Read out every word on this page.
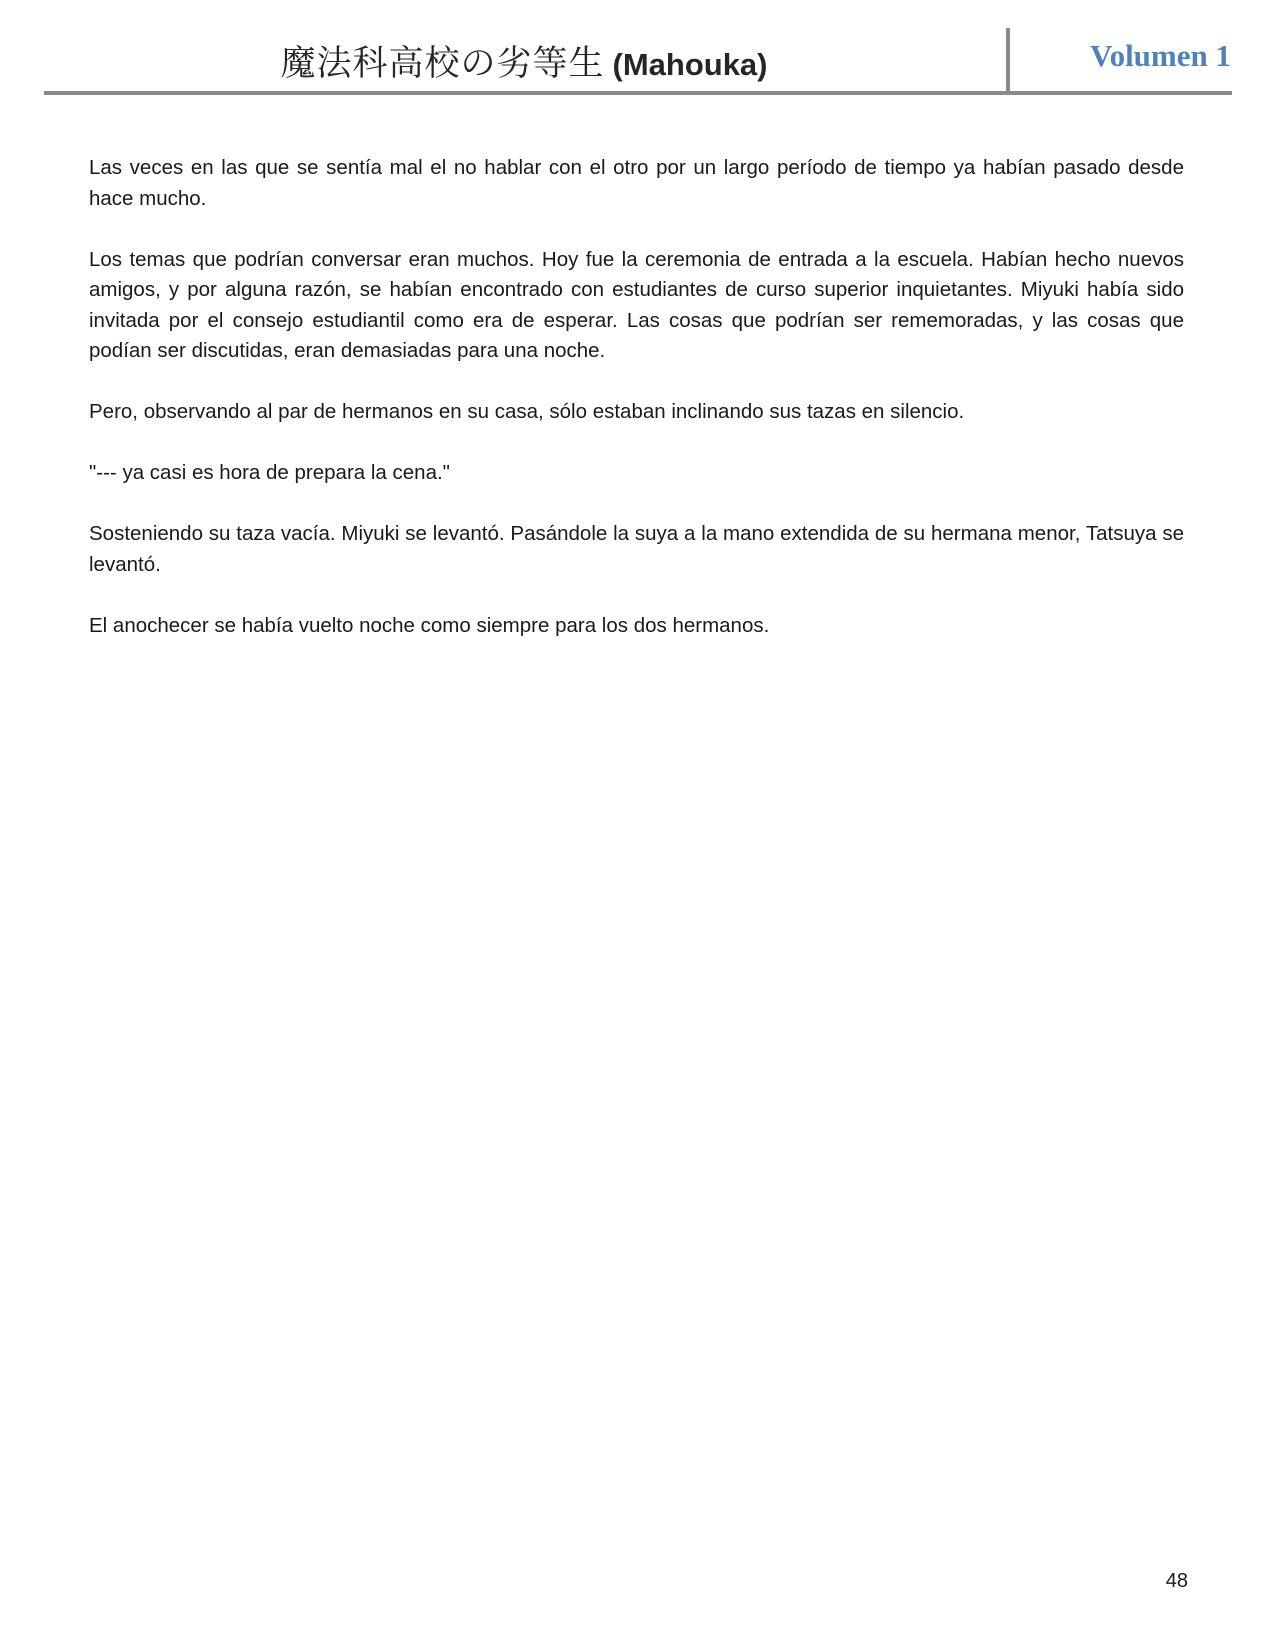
魔法科高校の劣等生 (Mahouka)	Volumen 1

Las veces en las que se sentía mal el no hablar con el otro por un largo período de tiempo ya habían pasado desde hace mucho.

Los temas que podrían conversar eran muchos. Hoy fue la ceremonia de entrada a la escuela. Habían hecho nuevos amigos, y por alguna razón, se habían encontrado con estudiantes de curso superior inquietantes. Miyuki había sido invitada por el consejo estudiantil como era de esperar. Las cosas que podrían ser rememoradas, y las cosas que podían ser discutidas, eran demasiadas para una noche.

Pero, observando al par de hermanos en su casa, sólo estaban inclinando sus tazas en silencio.

"--- ya casi es hora de prepara la cena."

Sosteniendo su taza vacía. Miyuki se levantó. Pasándole la suya a la mano extendida de su hermana menor, Tatsuya se levantó.

El anochecer se había vuelto noche como siempre para los dos hermanos.

48
